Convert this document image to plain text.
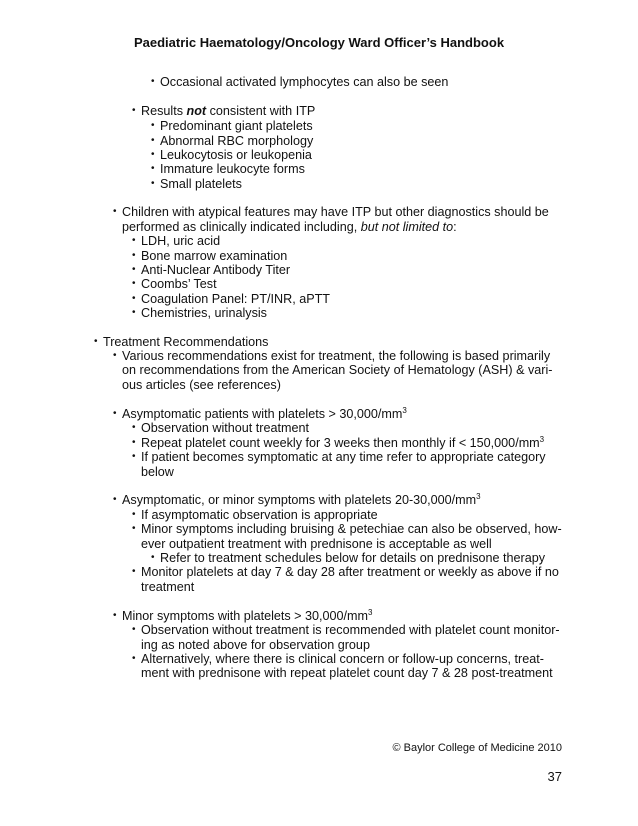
Paediatric Haematology/Oncology Ward Officer’s Handbook
• Occasional activated lymphocytes can also be seen
• Results not consistent with ITP
• Predominant giant platelets
• Abnormal RBC morphology
• Leukocytosis or leukopenia
• Immature leukocyte forms
• Small platelets
• Children with atypical features may have ITP but other diagnostics should be
performed as clinically indicated including, but not limited to:
• LDH, uric acid
• Bone marrow examination
• Anti-Nuclear Antibody Titer
• Coombs’ Test
• Coagulation Panel: PT/INR, aPTT
• Chemistries, urinalysis
• Treatment Recommendations
• Various recommendations exist for treatment, the following is based primarily
on recommendations from the American Society of Hematology (ASH) & vari-
ous articles (see references)
• Asymptomatic patients with platelets > $30,000/mm^3$
• Observation without treatment
• Repeat platelet count weekly for 3 weeks then monthly if < $150,000/mm^3$
• If patient becomes symptomatic at any time refer to appropriate category
below
• Asymptomatic, or minor symptoms with platelets $20-30,000/mm^3$
• If asymptomatic observation is appropriate
• Minor symptoms including bruising & petechiae can also be observed, how-
ever outpatient treatment with prednisone is acceptable as well
• Refer to treatment schedules below for details on prednisone therapy
• Monitor platelets at day 7 & day 28 after treatment or weekly as above if no
treatment
• Minor symptoms with platelets > $30,000/mm^3$
• Observation without treatment is recommended with platelet count monitor-
ing as noted above for observation group
• Alternatively, where there is clinical concern or follow-up concerns, treat-
ment with prednisone with repeat platelet count day 7 & 28 post-treatment
© Baylor College of Medicine 2010
37
